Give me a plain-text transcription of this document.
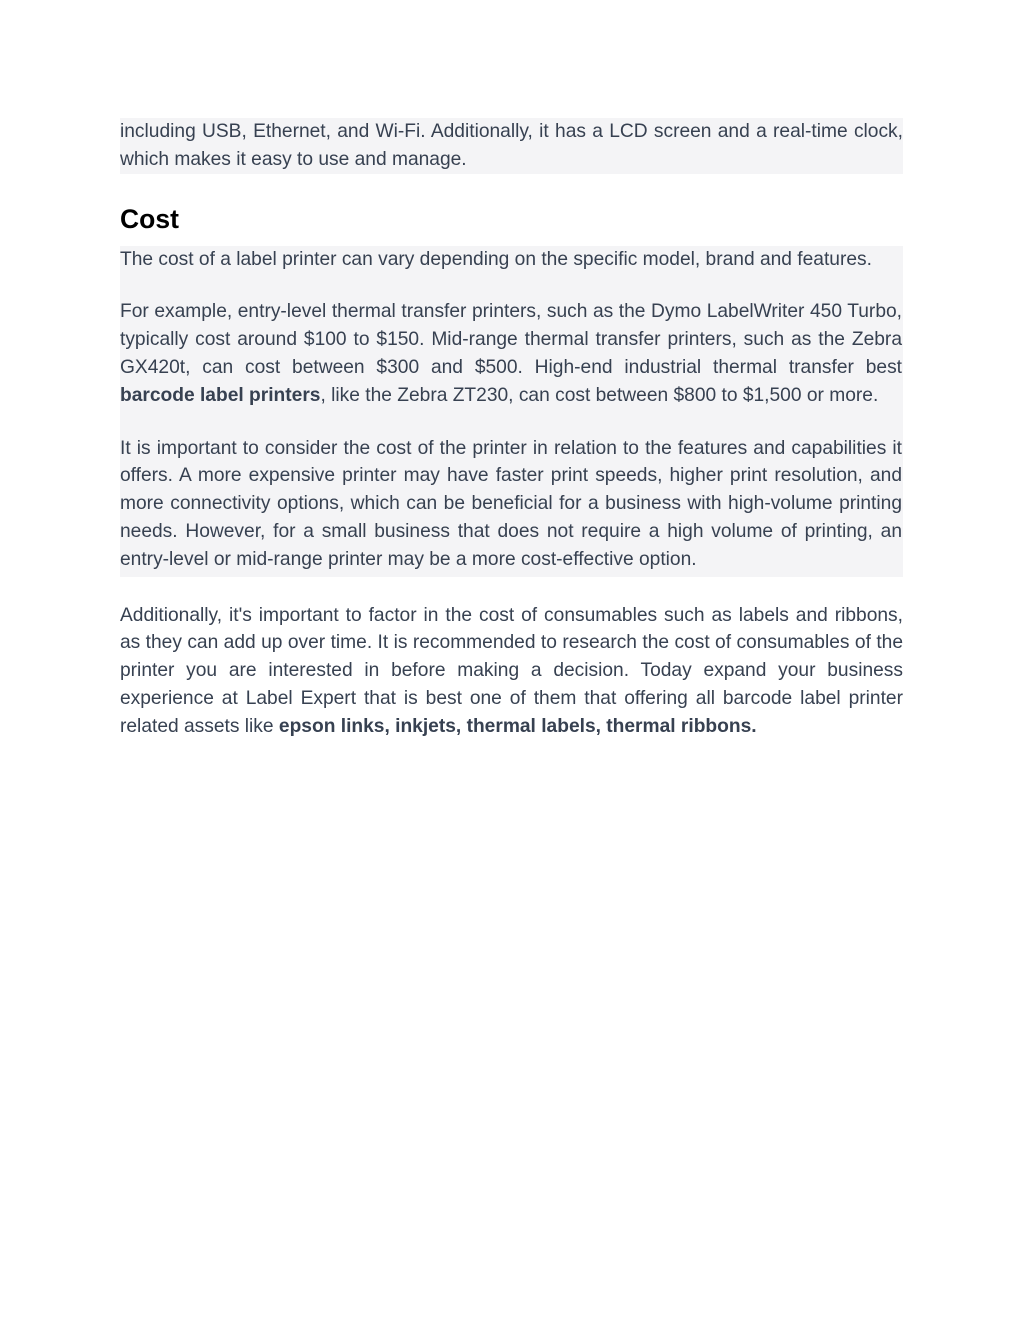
including USB, Ethernet, and Wi-Fi. Additionally, it has a LCD screen and a real-time clock, which makes it easy to use and manage.

Cost

The cost of a label printer can vary depending on the specific model, brand and features.

For example, entry-level thermal transfer printers, such as the Dymo LabelWriter 450 Turbo, typically cost around $100 to $150. Mid-range thermal transfer printers, such as the Zebra GX420t, can cost between $300 and $500. High-end industrial thermal transfer best barcode label printers, like the Zebra ZT230, can cost between $800 to $1,500 or more.

It is important to consider the cost of the printer in relation to the features and capabilities it offers. A more expensive printer may have faster print speeds, higher print resolution, and more connectivity options, which can be beneficial for a business with high-volume printing needs. However, for a small business that does not require a high volume of printing, an entry-level or mid-range printer may be a more cost-effective option.

Additionally, it's important to factor in the cost of consumables such as labels and ribbons, as they can add up over time. It is recommended to research the cost of consumables of the printer you are interested in before making a decision. Today expand your business experience at Label Expert that is best one of them that offering all barcode label printer related assets like epson links, inkjets, thermal labels, thermal ribbons.
